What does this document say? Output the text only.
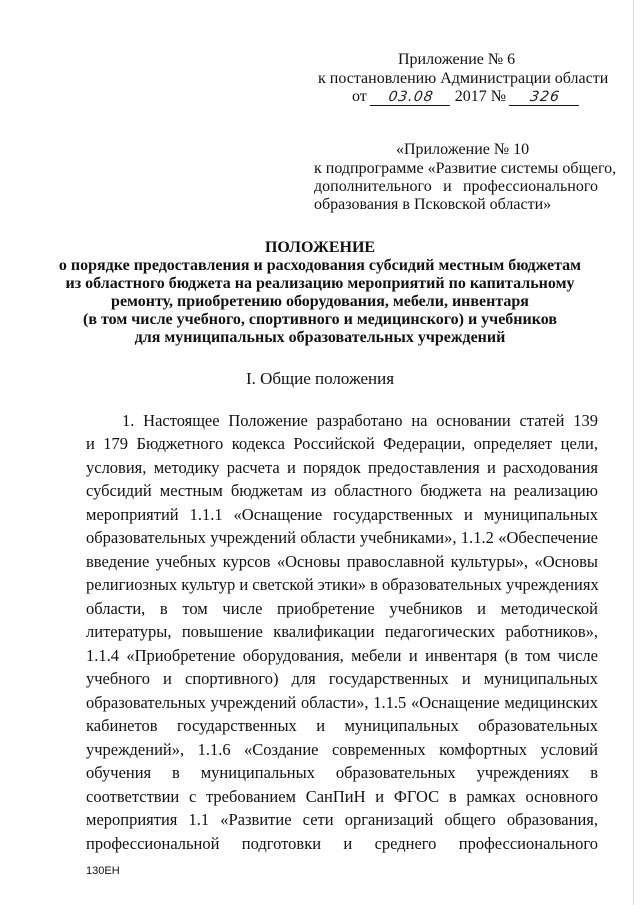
Приложение № 6
к постановлению Администрации области
от 03.08 2017 № 326
«Приложение № 10
к подпрограмме «Развитие системы общего,
дополнительного и профессионального
образования в Псковской области»
ПОЛОЖЕНИЕ
о порядке предоставления и расходования субсидий местным бюджетам
из областного бюджета на реализацию мероприятий по капитальному
ремонту, приобретению оборудования, мебели, инвентаря
(в том числе учебного, спортивного и медицинского) и учебников
для муниципальных образовательных учреждений
I. Общие положения
1. Настоящее Положение разработано на основании статей 139
и 179 Бюджетного кодекса Российской Федерации, определяет цели,
условия, методику расчета и порядок предоставления и расходования
субсидий местным бюджетам из областного бюджета на реализацию
мероприятий 1.1.1 «Оснащение государственных и муниципальных
образовательных учреждений области учебниками», 1.1.2 «Обеспечение
введение учебных курсов «Основы православной культуры», «Основы
религиозных культур и светской этики» в образовательных учреждениях
области, в том числе приобретение учебников и методической
литературы, повышение квалификации педагогических работников»,
1.1.4 «Приобретение оборудования, мебели и инвентаря (в том числе
учебного и спортивного) для государственных и муниципальных
образовательных учреждений области», 1.1.5 «Оснащение медицинских
кабинетов государственных и муниципальных образовательных
учреждений», 1.1.6 «Создание современных комфортных условий
обучения в муниципальных образовательных учреждениях в
соответствии с требованием СанПиН и ФГОС в рамках основного
мероприятия 1.1 «Развитие сети организаций общего образования,
профессиональной подготовки и среднего профессионального
130ЕН
